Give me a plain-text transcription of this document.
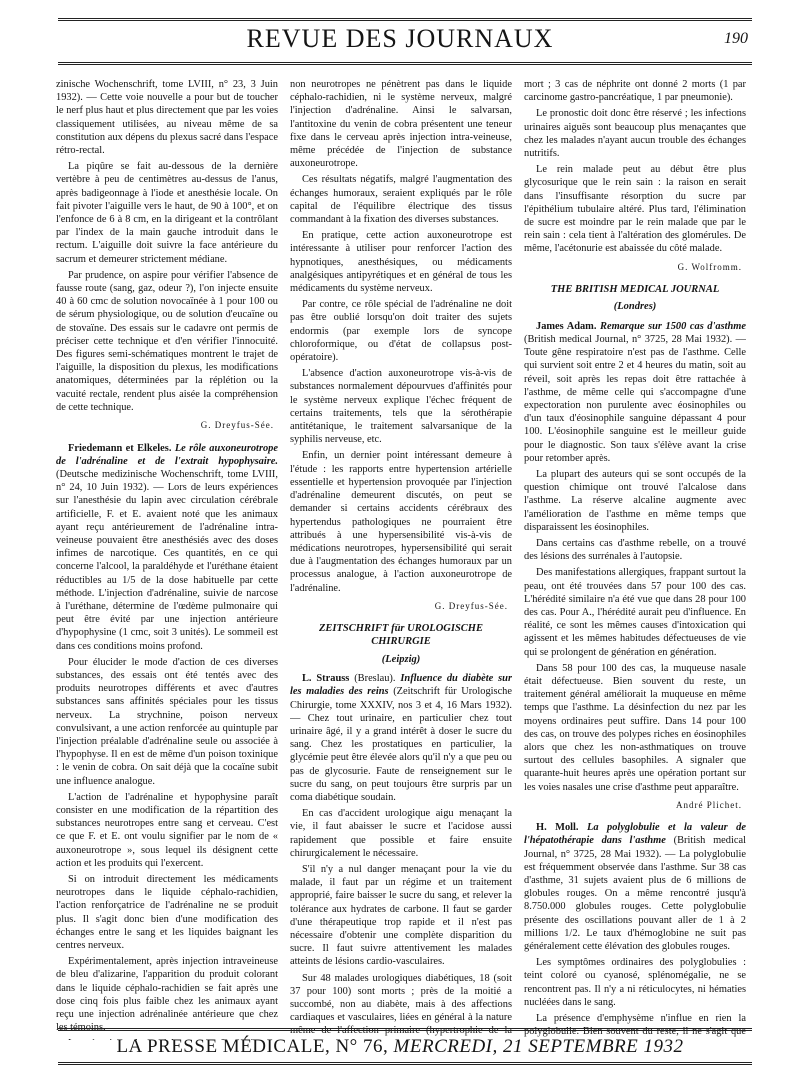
REVUE DES JOURNAUX	190

zinische Wochenschrift, tome LVIII, n° 23, 3 Juin 1932). — Cette voie nouvelle a pour but de toucher le nerf plus haut et plus directement que par les voies classiquement utilisées, au niveau même de sa constitution aux dépens du plexus sacré dans l'espace rétro-rectal.

La piqûre se fait au-dessous de la dernière vertèbre à peu de centimètres au-dessus de l'anus, après badigeonnage à l'iode et anesthésie locale. On fait pivoter l'aiguille vers le haut, de 90 à 100°, et on l'enfonce de 6 à 8 cm, en la dirigeant et la contrôlant par l'index de la main gauche introduit dans le rectum. L'aiguille doit suivre la face antérieure du sacrum et demeurer strictement médiane.

Par prudence, on aspire pour vérifier l'absence de fausse route (sang, gaz, odeur ?), l'on injecte ensuite 40 à 60 cmc de solution novocaïnée à 1 pour 100 ou de sérum physiologique, ou de solution d'eucaïne ou de stovaïne. Des essais sur le cadavre ont permis de préciser cette technique et d'en vérifier l'innocuité. Des figures semi-schématiques montrent le trajet de l'aiguille, la disposition du plexus, les modifications anatomiques, déterminées par la réplétion ou la vacuité rectale, rendent plus aisée la compréhension de cette technique.

G. Dreyfus-Sée.

Friedemann et Elkeles. Le rôle auxoneurotrope de l'adrénaline et de l'extrait hypophysaire. (Deutsche medizinische Wochenschrift, tome LVIII, n° 24, 10 Juin 1932). — Lors de leurs expériences sur l'anesthésie du lapin avec circulation cérébrale artificielle, F. et E. avaient noté que les animaux ayant reçu antérieurement de l'adrénaline intra-veineuse pouvaient être anesthésiés avec des doses infimes de narcotique. Ces quantités, en ce qui concerne l'alcool, la paraldéhyde et l'uréthane étaient réductibles au 1/5 de la dose habituelle par cette méthode. L'injection d'adrénaline, suivie de narcose à l'uréthane, détermine de l'œdème pulmonaire qui peut être évité par une injection antérieure d'hypophysine (1 cmc, soit 3 unités). Le sommeil est dans ces conditions moins profond.

Pour élucider le mode d'action de ces diverses substances, des essais ont été tentés avec des produits neurotropes différents et avec d'autres substances sans affinités spéciales pour les tissus nerveux. La strychnine, poison nerveux convulsivant, a une action renforcée au quintuple par l'injection préalable d'adrénaline seule ou associée à l'hypophyse. Il en est de même d'un poison toxinique : le venin de cobra. On sait déjà que la cocaïne subit une influence analogue.

L'action de l'adrénaline et hypophysine paraît consister en une modification de la répartition des substances neurotropes entre sang et cerveau. C'est ce que F. et E. ont voulu signifier par le nom de « auxoneurotrope », sous lequel ils désignent cette action et les produits qui l'exercent.

Si on introduit directement les médicaments neurotropes dans le liquide céphalo-rachidien, l'action renforçatrice de l'adrénaline ne se produit plus. Il s'agit donc bien d'une modification des échanges entre le sang et les liquides baignant les centres nerveux.

Expérimentalement, après injection intraveineuse de bleu d'alizarine, l'apparition du produit colorant dans le liquide céphalo-rachidien se fait après une dose cinq fois plus faible chez les animaux ayant reçu une injection adrénalinée antérieure que chez les témoins.

non neurotropes ne pénètrent pas dans le liquide céphalo-rachidien, ni le système nerveux, malgré l'injection d'adrénaline. Ainsi le salvarsan, l'antitoxine du venin de cobra présentent une teneur fixe dans le cerveau après injection intra-veineuse, même précédée de l'injection de substance auxoneurotrope.

Ces résultats négatifs, malgré l'augmentation des échanges humoraux, seraient expliqués par le rôle capital de l'équilibre électrique des tissus commandant à la fixation des diverses substances.

En pratique, cette action auxoneurotrope est intéressante à utiliser pour renforcer l'action des hypnotiques, anesthésiques, ou médicaments analgésiques antipyrétiques et en général de tous les médicaments du système nerveux.

Par contre, ce rôle spécial de l'adrénaline ne doit pas être oublié lorsqu'on doit traiter des sujets endormis (par exemple lors de syncope chloroformique, ou d'état de collapsus post-opératoire).

L'absence d'action auxoneurotrope vis-à-vis de substances normalement dépourvues d'affinités pour le système nerveux explique l'échec fréquent de certains traitements, tels que la sérothérapie antitétanique, le traitement salvarsanique de la syphilis nerveuse, etc.

Enfin, un dernier point intéressant demeure à l'étude : les rapports entre hypertension artérielle essentielle et hypertension provoquée par l'injection d'adrénaline demeurent discutés, on peut se demander si certains accidents cérébraux des hypertendus pathologiques ne pourraient être attribués à une hypersensibilité vis-à-vis de médications neurotropes, hypersensibilité qui serait due à l'augmentation des échanges humoraux par un processus analogue, à l'action auxoneurotrope de l'adrénaline.

G. Dreyfus-Sée.
ZEITSCHRIFT für UROLOGISCHE CHIRURGIE
(Leipzig)

L. Strauss (Breslau). Influence du diabète sur les maladies des reins (Zeitschrift für Urologische Chirurgie, tome XXXIV, nos 3 et 4, 16 Mars 1932). — Chez tout urinaire, en particulier chez tout urinaire âgé, il y a grand intérêt à doser le sucre du sang. Chez les prostatiques en particulier, la glycémie peut être élevée alors qu'il n'y a que peu ou pas de glycosurie. Faute de renseignement sur le sucre du sang, on peut toujours être surpris par un coma diabétique soudain.

En cas d'accident urologique aigu menaçant la vie, il faut abaisser le sucre et l'acidose aussi rapidement que possible et faire ensuite chirurgicalement le nécessaire.

S'il n'y a nul danger menaçant pour la vie du malade, il faut par un régime et un traitement approprié, faire baisser le sucre du sang, et relever la tolérance aux hydrates de carbone. Il faut se garder d'une thérapeutique trop rapide et il n'est pas nécessaire d'obtenir une complète disparition du sucre. Il faut suivre attentivement les malades atteints de lésions cardio-vasculaires.

Sur 48 malades urologiques diabétiques, 18 (soit 37 pour 100) sont morts ; près de la moitié a succombé, non au diabète, mais à des affections cardiaques et vasculaires, liées en général à la nature même de l'affection primaire (hypertrophie de la

mort ; 3 cas de néphrite ont donné 2 morts (1 par carcinome gastro-pancréatique, 1 par pneumonie).

Le pronostic doit donc être réservé ; les infections urinaires aiguës sont beaucoup plus menaçantes que chez les malades n'ayant aucun trouble des échanges nutritifs.

Le rein malade peut au début être plus glycosurique que le rein sain : la raison en serait dans l'insuffisante résorption du sucre par l'épithélium tubulaire altéré. Plus tard, l'élimination de sucre est moindre par le rein malade que par le rein sain : cela tient à l'altération des glomérules. De même, l'acétonurie est abaissée du côté malade.

G. Wolfromm.
THE BRITISH MEDICAL JOURNAL
(Londres)

James Adam. Remarque sur 1500 cas d'asthme (British medical Journal, n° 3725, 28 Mai 1932). — Toute gêne respiratoire n'est pas de l'asthme. Celle qui survient soit entre 2 et 4 heures du matin, soit au réveil, soit après les repas doit être rattachée à l'asthme, de même celle qui s'accompagne d'une expectoration non purulente avec éosinophiles ou d'un taux d'éosinophile sanguine dépassant 4 pour 100. L'éosinophile sanguine est le meilleur guide pour le diagnostic. Son taux s'élève avant la crise pour retomber après.

La plupart des auteurs qui se sont occupés de la question chimique ont trouvé l'alcalose dans l'asthme. La réserve alcaline augmente avec l'amélioration de l'asthme en même temps que disparaissent les éosinophiles.

Dans certains cas d'asthme rebelle, on a trouvé des lésions des surrénales à l'autopsie.

Des manifestations allergiques, frappant surtout la peau, ont été trouvées dans 57 pour 100 des cas. L'hérédité similaire n'a été vue que dans 28 pour 100 des cas. Pour A., l'hérédité aurait peu d'influence. En réalité, ce sont les mêmes causes d'intoxication qui agissent et les mêmes habitudes défectueuses de vie qui se prolongent de génération en génération.

Dans 58 pour 100 des cas, la muqueuse nasale était défectueuse. Bien souvent du reste, un traitement général améliorait la muqueuse en même temps que l'asthme. La désinfection du nez par les moyens ordinaires peut suffire. Dans 14 pour 100 des cas, on trouve des polypes riches en éosinophiles alors que chez les non-asthmatiques on trouve surtout des cellules basophiles. A signaler que quarante-huit heures après une opération portant sur les voies nasales une crise d'asthme peut apparaître.

André Plichet.

H. Moll. La polyglobulie et la valeur de l'hépatothérapie dans l'asthme (British medical Journal, n° 3725, 28 Mai 1932). — La polyglobulie est fréquemment observée dans l'asthme. Sur 38 cas d'asthme, 31 sujets avaient plus de 6 millions de globules rouges. On a même rencontré jusqu'à 8.750.000 globules rouges. Cette polyglobulie présente des oscillations pouvant aller de 1 à 2 millions 1/2. Le taux d'hémoglobine ne suit pas généralement cette élévation des globules rouges.

Les symptômes ordinaires des polyglobulies : teint coloré ou cyanosé, splénomégalie, ne se rencontrent pas. Il n'y a ni réticulocytes, ni hématies nucléées dans le sang.

La présence d'emphysème n'influe en rien la polyglobulie. Bien souvent du reste, il ne s'agit que

LA PRESSE MÉDICALE, N° 76, MERCREDI, 21 SEPTEMBRE 1932
